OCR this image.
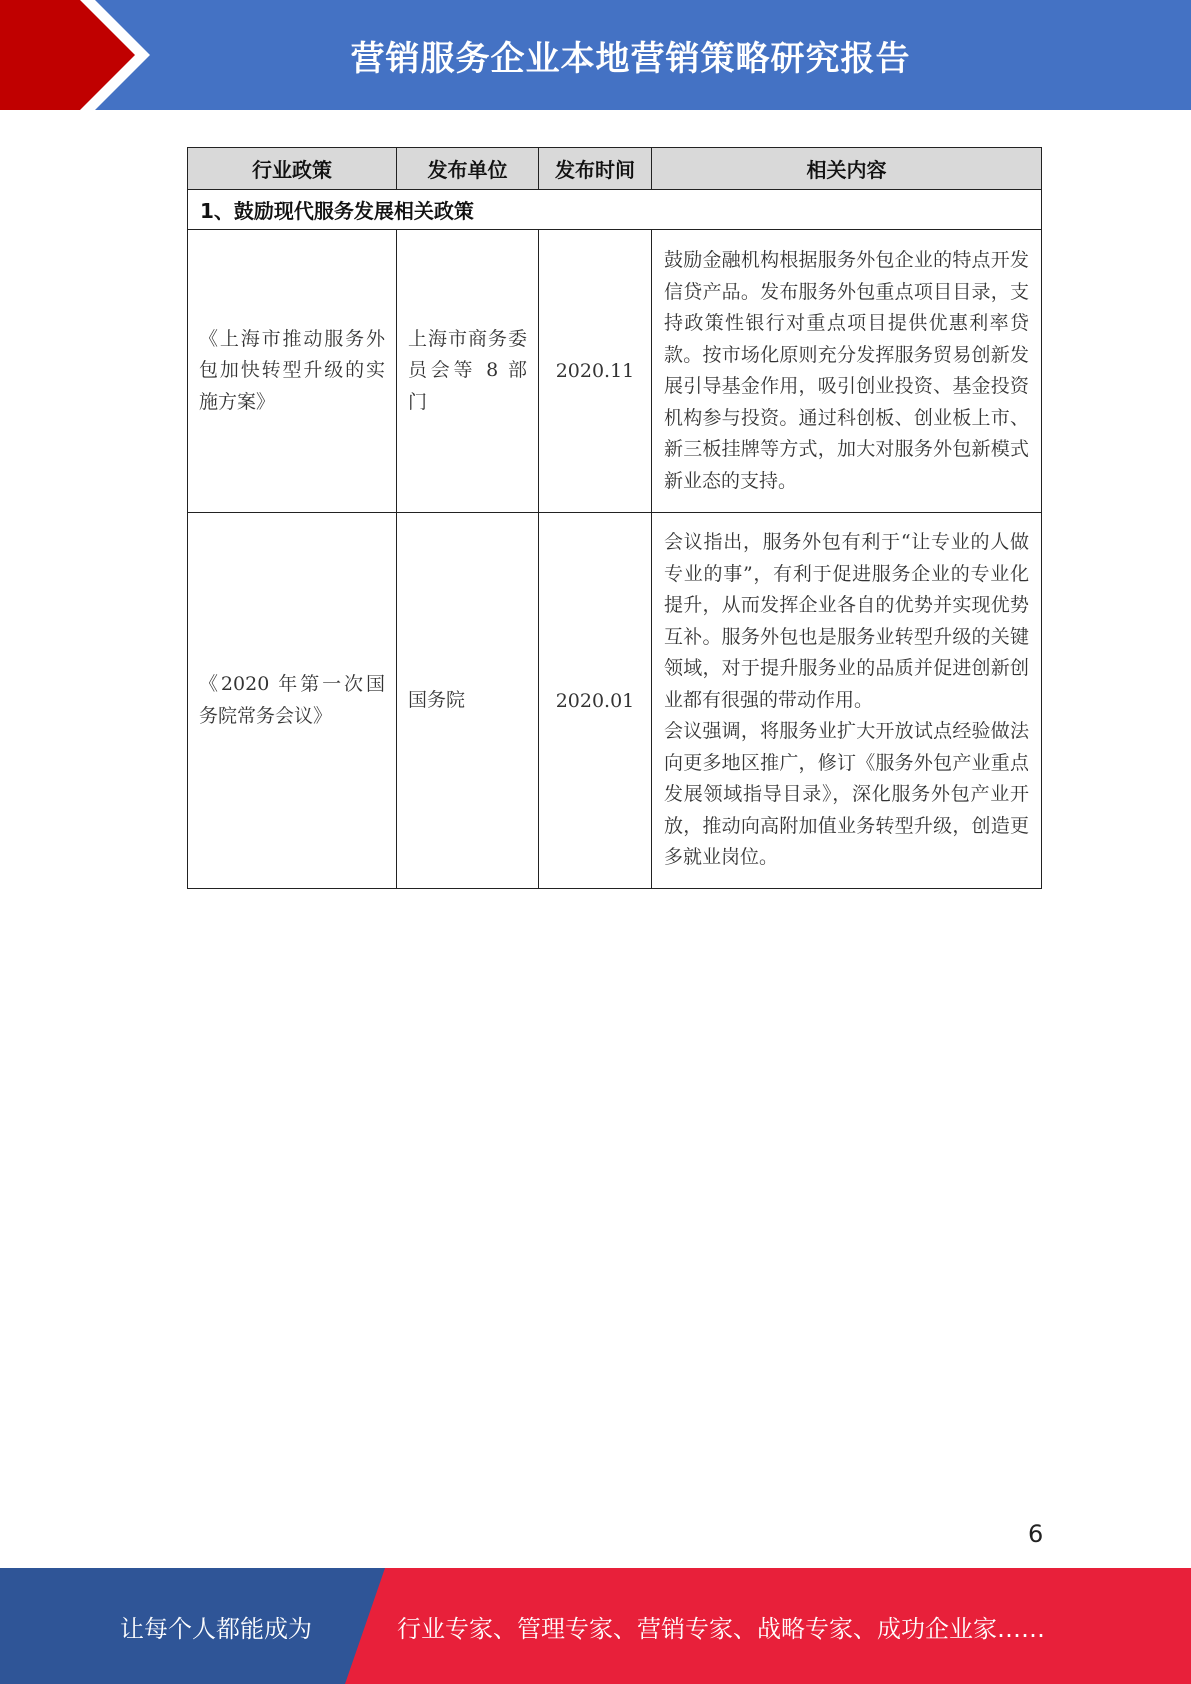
营销服务企业本地营销策略研究报告
行业政策	发布单位	发布时间	相关内容
1、鼓励现代服务发展相关政策			

《上海市推动服务外包加快转型升级的实施方案》	上海市商务委员会等 8 部门	2020.11	鼓励金融机构根据服务外包企业的特点开发信贷产品。发布服务外包重点项目目录，支持政策性银行对重点项目提供优惠利率贷款。按市场化原则充分发挥服务贸易创新发展引导基金作用，吸引创业投资、基金投资机构参与投资。通过科创板、创业板上市、新三板挂牌等方式，加大对服务外包新模式新业态的支持。

《2020 年第一次国务院常务会议》	国务院	2020.01	会议指出，服务外包有利于“让专业的人做专业的事”，有利于促进服务企业的专业化提升，从而发挥企业各自的优势并实现优势互补。服务外包也是服务业转型升级的关键领域，对于提升服务业的品质并促进创新创业都有很强的带动作用。

会议强调，将服务业扩大开放试点经验做法向更多地区推广，修订《服务外包产业重点发展领域指导目录》，深化服务外包产业开放，推动向高附加值业务转型升级，创造更多就业岗位。

6
让每个人都能成为	行业专家、管理专家、营销专家、战略专家、成功企业家……
